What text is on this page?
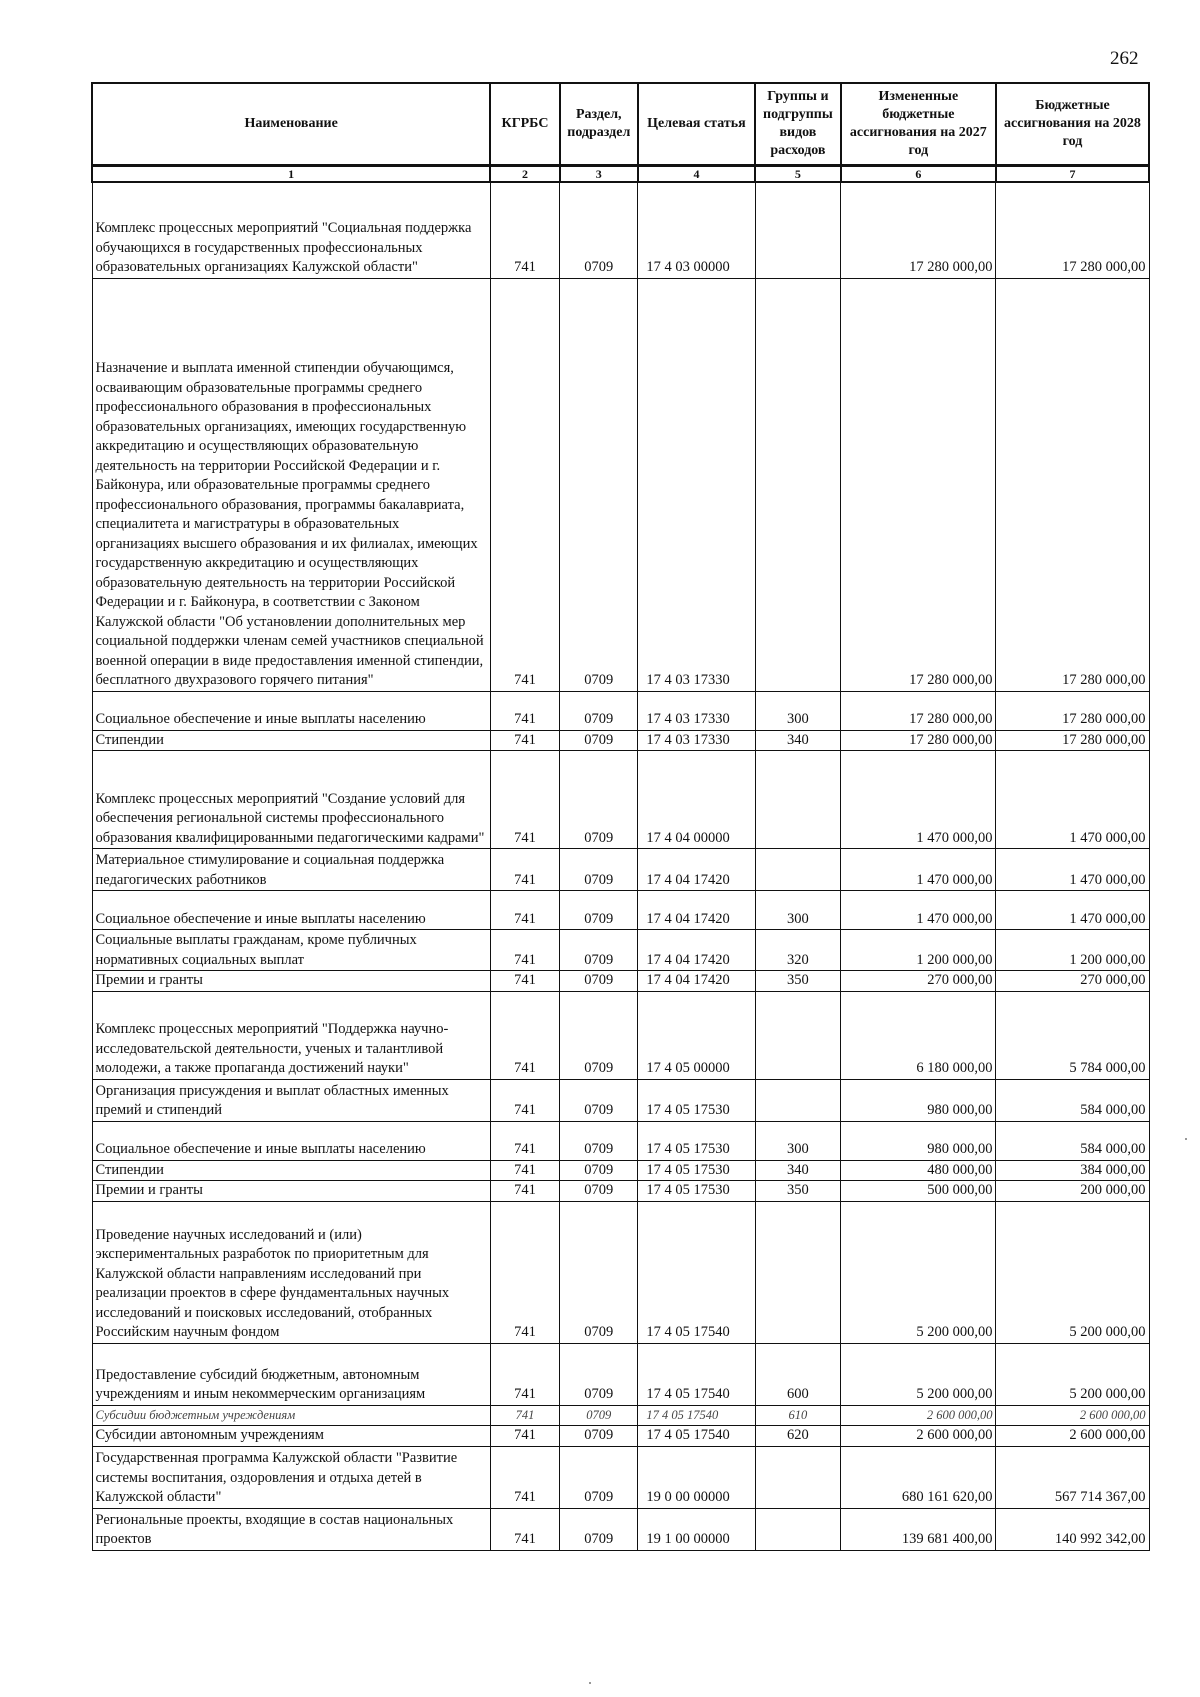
262
Наименование	КГРБС	Раздел, подраздел	Целевая статья	Группы и подгруппы видов расходов	Измененные бюджетные ассигнования на 2027 год	Бюджетные ассигнования на 2028 год
1	2	3	4	5	6	7
Комплекс процессных мероприятий "Социальная поддержка обучающихся в государственных профессиональных образовательных организациях Калужской области"	741	0709	17 4 03 00000		17 280 000,00	17 280 000,00
Назначение и выплата именной стипендии обучающимся, осваивающим образовательные программы среднего профессионального образования в профессиональных образовательных организациях, имеющих государственную аккредитацию и осуществляющих образовательную деятельность на территории Российской Федерации и г. Байконура, или образовательные программы среднего профессионального образования, программы бакалавриата, специалитета и магистратуры в образовательных организациях высшего образования и их филиалах, имеющих государственную аккредитацию и осуществляющих образовательную деятельность на территории Российской Федерации и г. Байконура, в соответствии с Законом Калужской области "Об установлении дополнительных мер социальной поддержки членам семей участников специальной военной операции в виде предоставления именной стипендии, бесплатного двухразового горячего питания"	741	0709	17 4 03 17330		17 280 000,00	17 280 000,00
Социальное обеспечение и иные выплаты населению	741	0709	17 4 03 17330	300	17 280 000,00	17 280 000,00
Стипендии	741	0709	17 4 03 17330	340	17 280 000,00	17 280 000,00
Комплекс процессных мероприятий "Создание условий для обеспечения региональной системы профессионального образования квалифицированными педагогическими кадрами"	741	0709	17 4 04 00000		1 470 000,00	1 470 000,00
Материальное стимулирование и социальная поддержка педагогических работников	741	0709	17 4 04 17420		1 470 000,00	1 470 000,00
Социальное обеспечение и иные выплаты населению	741	0709	17 4 04 17420	300	1 470 000,00	1 470 000,00
Социальные выплаты гражданам, кроме публичных нормативных социальных выплат	741	0709	17 4 04 17420	320	1 200 000,00	1 200 000,00
Премии и гранты	741	0709	17 4 04 17420	350	270 000,00	270 000,00
Комплекс процессных мероприятий "Поддержка научно-исследовательской деятельности, ученых и талантливой молодежи, а также пропаганда достижений науки"	741	0709	17 4 05 00000		6 180 000,00	5 784 000,00
Организация присуждения и выплат областных именных премий и стипендий	741	0709	17 4 05 17530		980 000,00	584 000,00
Социальное обеспечение и иные выплаты населению	741	0709	17 4 05 17530	300	980 000,00	584 000,00
Стипендии	741	0709	17 4 05 17530	340	480 000,00	384 000,00
Премии и гранты	741	0709	17 4 05 17530	350	500 000,00	200 000,00
Проведение научных исследований и (или) экспериментальных разработок по приоритетным для Калужской области направлениям исследований при реализации проектов в сфере фундаментальных научных исследований и поисковых исследований, отобранных Российским научным фондом	741	0709	17 4 05 17540		5 200 000,00	5 200 000,00
Предоставление субсидий бюджетным, автономным учреждениям и иным некоммерческим организациям	741	0709	17 4 05 17540	600	5 200 000,00	5 200 000,00
Субсидии бюджетным учреждениям	741	0709	17 4 05 17540	610	2 600 000,00	2 600 000,00
Субсидии автономным учреждениям	741	0709	17 4 05 17540	620	2 600 000,00	2 600 000,00
Государственная программа Калужской области "Развитие системы воспитания, оздоровления и отдыха детей в Калужской области"	741	0709	19 0 00 00000		680 161 620,00	567 714 367,00
Региональные проекты, входящие в состав национальных проектов	741	0709	19 1 00 00000		139 681 400,00	140 992 342,00
